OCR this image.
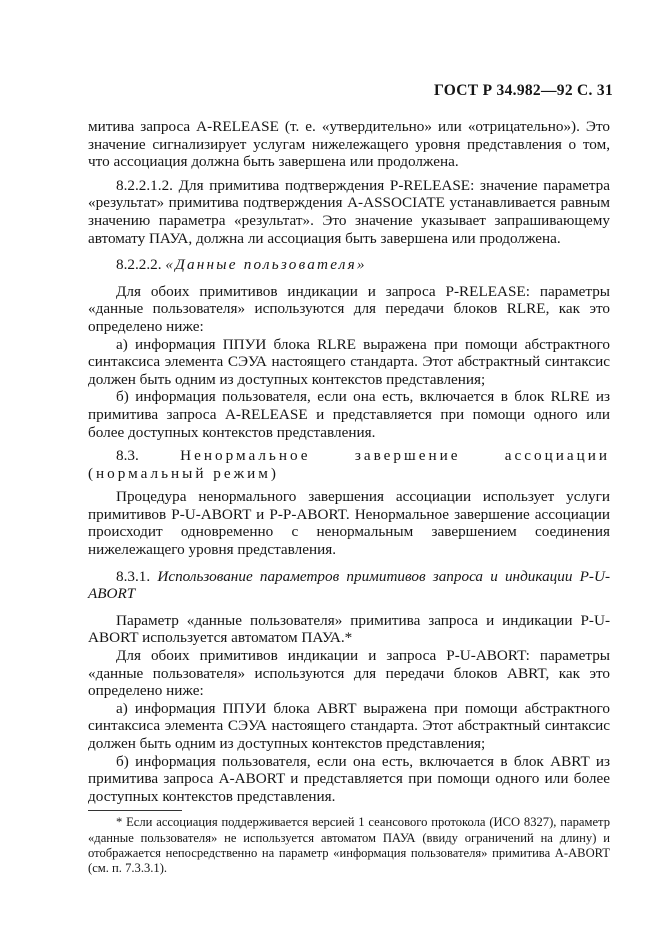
ГОСТ Р 34.982—92 С. 31

митива запроса A-RELEASE (т. е. «утвердительно» или «отрицательно»). Это значение сигнализирует услугам нижележащего уровня представления о том, что ассоциация должна быть завершена или продолжена.

8.2.2.1.2. Для примитива подтверждения P-RELEASE: значение параметра «результат» примитива подтверждения A-ASSOCIATE устанавливается равным значению параметра «результат». Это значение указывает запрашивающему автомату ПАУА, должна ли ассоциация быть завершена или продолжена.

8.2.2.2. «Данные пользователя»

Для обоих примитивов индикации и запроса P-RELEASE: параметры «данные пользователя» используются для передачи блоков RLRE, как это определено ниже:

а) информация ППУИ блока RLRE выражена при помощи абстрактного синтаксиса элемента СЭУА настоящего стандарта. Этот абстрактный синтаксис должен быть одним из доступных контекстов представления;

б) информация пользователя, если она есть, включается в блок RLRE из примитива запроса A-RELEASE и представляется при помощи одного или более доступных контекстов представления.

8.3.	Ненормальное завершение ассоциации (нормальный режим)

Процедура ненормального завершения ассоциации использует услуги примитивов P-U-ABORT и P-P-ABORT. Ненормальное завершение ассоциации происходит одновременно с ненормальным завершением соединения нижележащего уровня представления.

8.3.1. Использование параметров примитивов запроса и индикации P-U-ABORT

Параметр «данные пользователя» примитива запроса и индикации P-U-ABORT используется автоматом ПАУА.*

Для обоих примитивов индикации и запроса P-U-ABORT: параметры «данные пользователя» используются для передачи блоков ABRT, как это определено ниже:

а) информация ППУИ блока ABRT выражена при помощи абстрактного синтаксиса элемента СЭУА настоящего стандарта. Этот абстрактный синтаксис должен быть одним из доступных контекстов представления;

б) информация пользователя, если она есть, включается в блок ABRT из примитива запроса A-ABORT и представляется при помощи одного или более доступных контекстов представления.

* Если ассоциация поддерживается версией 1 сеансового протокола (ИСО 8327), параметр «данные пользователя» не используется автоматом ПАУА (ввиду ограничений на длину) и отображается непосредственно на параметр «информация пользователя» примитива A-ABORT (см. п. 7.3.3.1).
